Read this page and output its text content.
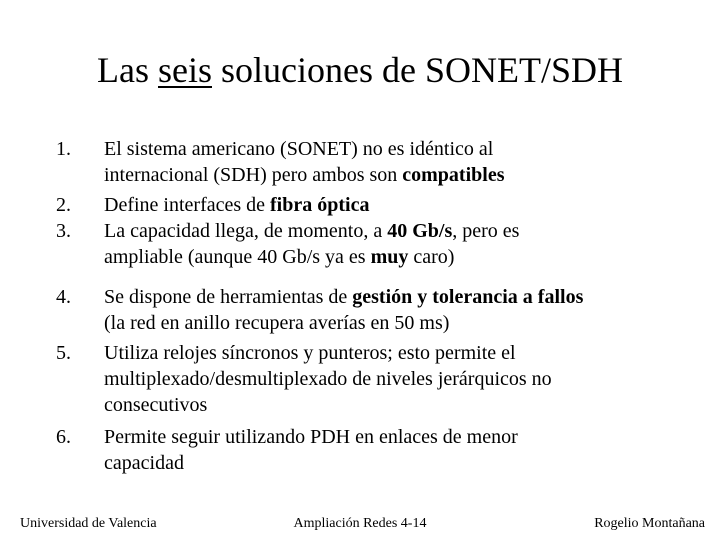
Las seis soluciones de SONET/SDH
1. El sistema americano (SONET) no es idéntico al
internacional (SDH) pero ambos son compatibles
2. Define interfaces de fibra óptica
3. La capacidad llega, de momento, a 40 Gb/s, pero es
ampliable (aunque 40 Gb/s ya es muy caro)
4. Se dispone de herramientas de gestión y tolerancia a fallos
(la red en anillo recupera averías en 50 ms)
5. Utiliza relojes síncronos y punteros; esto permite el
multiplexado/desmultiplexado de niveles jerárquicos no
consecutivos
6. Permite seguir utilizando PDH en enlaces de menor
capacidad
Universidad de Valencia	Ampliación Redes 4-14	Rogelio Montañana
